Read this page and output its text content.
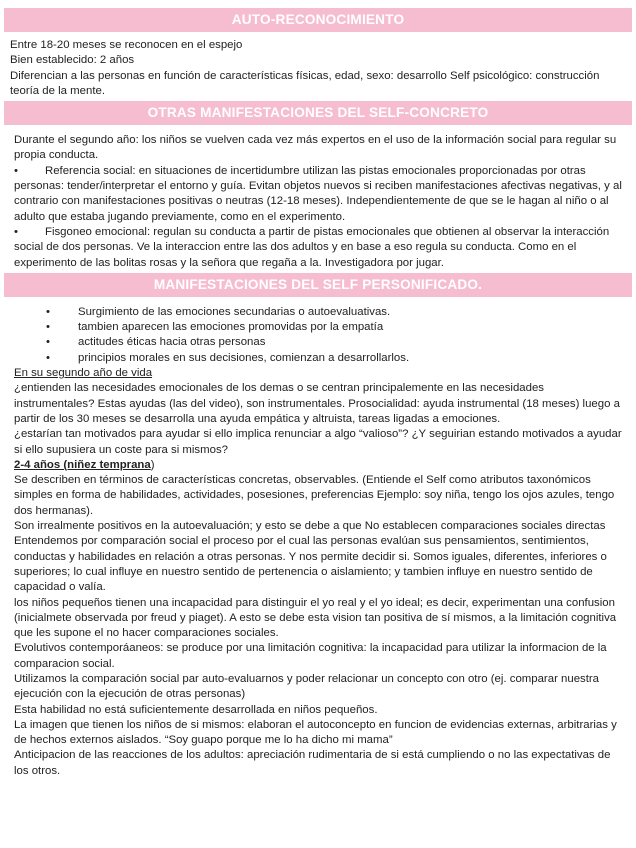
AUTO-RECONOCIMIENTO

Entre 18-20 meses se reconocen en el espejo

Bien establecido: 2 años

Diferencian a las personas en función de características físicas, edad, sexo: desarrollo Self psicológico: construcción teoría de la mente.

OTRAS MANIFESTACIONES DEL SELF-CONCRETO

Durante el segundo año: los niños se vuelven cada vez más expertos en el uso de la información social para regular su propia conducta.

• Referencia social: en situaciones de incertidumbre utilizan las pistas emocionales proporcionadas por otras personas: tender/interpretar el entorno y guía. Evitan objetos nuevos si reciben manifestaciones afectivas negativas, y al contrario con manifestaciones positivas o neutras (12-18 meses). Independientemente de que se le hagan al niño o al adulto que estaba jugando previamente, como en el experimento.

• Fisgoneo emocional: regulan su conducta a partir de pistas emocionales que obtienen al observar la interacción social de dos personas. Ve la interaccion entre las dos adultos y en base a eso regula su conducta. Como en el experimento de las bolitas rosas y la señora que regaña a la. Investigadora por jugar.

MANIFESTACIONES DEL SELF PERSONIFICADO.
• Surgimiento de las emociones secundarias o autoevaluativas.
• tambien aparecen las emociones promovidas por la empatía
• actitudes éticas hacia otras personas
• principios morales en sus decisiones, comienzan a desarrollarlos.

En su segundo año de vida

¿entienden las necesidades emocionales de los demas o se centran principalemente en las necesidades instrumentales? Estas ayudas (las del video), son instrumentales. Prosocialidad: ayuda instrumental (18 meses) luego a partir de los 30 meses se desarrolla una ayuda empática y altruista, tareas ligadas a emociones.

¿estarían tan motivados para ayudar si ello implica renunciar a algo “valioso”? ¿Y seguirian estando motivados a ayudar si ello supusiera un coste para si mismos?

2-4 años (niñez temprana)

Se describen en términos de características concretas, observables. (Entiende el Self como atributos taxonómicos simples en forma de habilidades, actividades, posesiones, preferencias Ejemplo: soy niña, tengo los ojos azules, tengo dos hermanas).

Son irrealmente positivos en la autoevaluación; y esto se debe a que No establecen comparaciones sociales directas Entendemos por comparación social el proceso por el cual las personas evalúan sus pensamientos, sentimientos, conductas y habilidades en relación a otras personas. Y nos permite decidir si. Somos iguales, diferentes, inferiores o superiores; lo cual influye en nuestro sentido de pertenencia o aislamiento; y tambien influye en nuestro sentido de capacidad o valía.

los niños pequeños tienen una incapacidad para distinguir el yo real y el yo ideal; es decir, experimentan una confusion (inicialmete observada por freud y piaget). A esto se debe esta vision tan positiva de sí mismos, a la limitación cognitiva que les supone el no hacer comparaciones sociales.

Evolutivos contemporáaneos: se produce por una limitación cognitiva: la incapacidad para utilizar la informacion de la comparacion social.

Utilizamos la comparación social par auto-evaluarnos y poder relacionar un concepto con otro (ej. comparar nuestra ejecución con la ejecución de otras personas)

Esta habilidad no está suficientemente desarrollada en niños pequeños.

La imagen que tienen los niños de si mismos: elaboran el autoconcepto en funcion de evidencias externas, arbitrarias y de hechos externos aislados. “Soy guapo porque me lo ha dicho mi mama”

Anticipacion de las reacciones de los adultos: apreciación rudimentaria de si está cumpliendo o no las expectativas de los otros.
